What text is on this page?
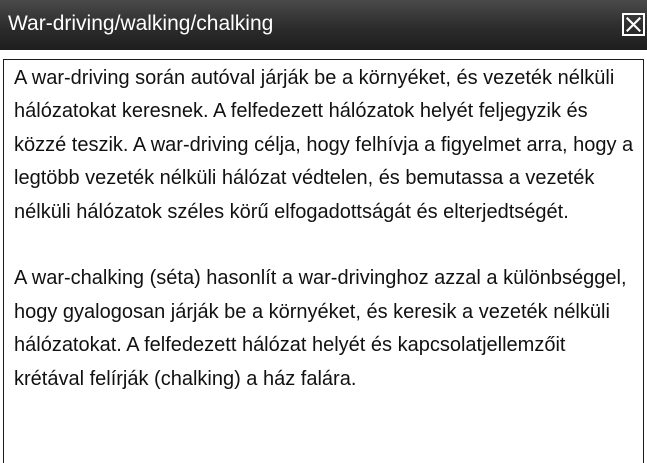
War-driving/walking/chalking

A war-driving során autóval járják be a környéket, és vezeték nélküli hálózatokat keresnek. A felfedezett hálózatok helyét feljegyzik és közzé teszik. A war-driving célja, hogy felhívja a figyelmet arra, hogy a legtöbb vezeték nélküli hálózat védtelen, és bemutassa a vezeték nélküli hálózatok széles körű elfogadottságát és elterjedtségét.

A war-chalking (séta) hasonlít a war-drivinghoz azzal a különbséggel, hogy gyalogosan járják be a környéket, és keresik a vezeték nélküli hálózatokat. A felfedezett hálózat helyét és kapcsolatjellemzőit krétával felírják (chalking) a ház falára.
